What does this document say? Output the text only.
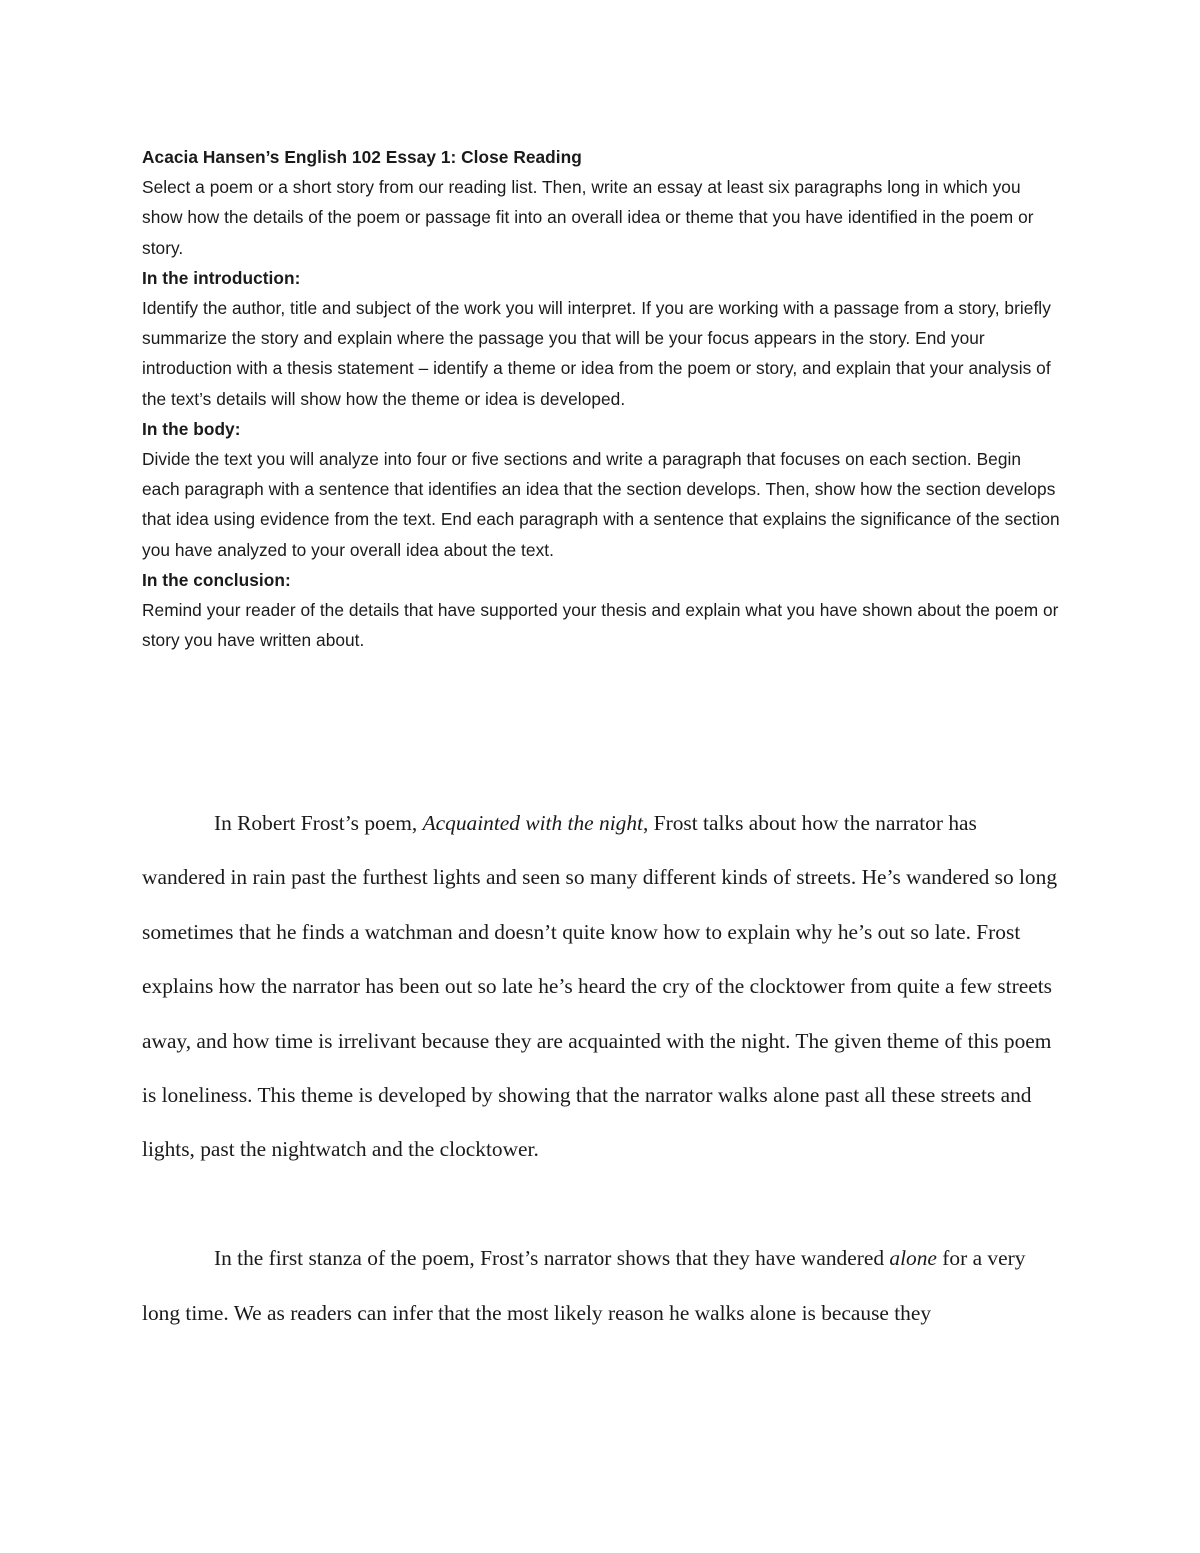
Acacia Hansen’s English 102 Essay 1: Close Reading

Select a poem or a short story from our reading list. Then, write an essay at least six paragraphs long in which you show how the details of the poem or passage fit into an overall idea or theme that you have identified in the poem or story.

In the introduction:

Identify the author, title and subject of the work you will interpret. If you are working with a passage from a story, briefly summarize the story and explain where the passage you that will be your focus appears in the story. End your introduction with a thesis statement – identify a theme or idea from the poem or story, and explain that your analysis of the text’s details will show how the theme or idea is developed.

In the body:

Divide the text you will analyze into four or five sections and write a paragraph that focuses on each section. Begin each paragraph with a sentence that identifies an idea that the section develops. Then, show how the section develops that idea using evidence from the text. End each paragraph with a sentence that explains the significance of the section you have analyzed to your overall idea about the text.

In the conclusion:

Remind your reader of the details that have supported your thesis and explain what you have shown about the poem or story you have written about.

In Robert Frost’s poem, Acquainted with the night, Frost talks about how the narrator has wandered in rain past the furthest lights and seen so many different kinds of streets. He’s wandered so long sometimes that he finds a watchman and doesn’t quite know how to explain why he’s out so late. Frost explains how the narrator has been out so late he’s heard the cry of the clocktower from quite a few streets away, and how time is irrelivant because they are acquainted with the night. The given theme of this poem is loneliness. This theme is developed by showing that the narrator walks alone past all these streets and lights, past the nightwatch and the clocktower.

In the first stanza of the poem, Frost’s narrator shows that they have wandered alone for a very long time. We as readers can infer that the most likely reason he walks alone is because they
